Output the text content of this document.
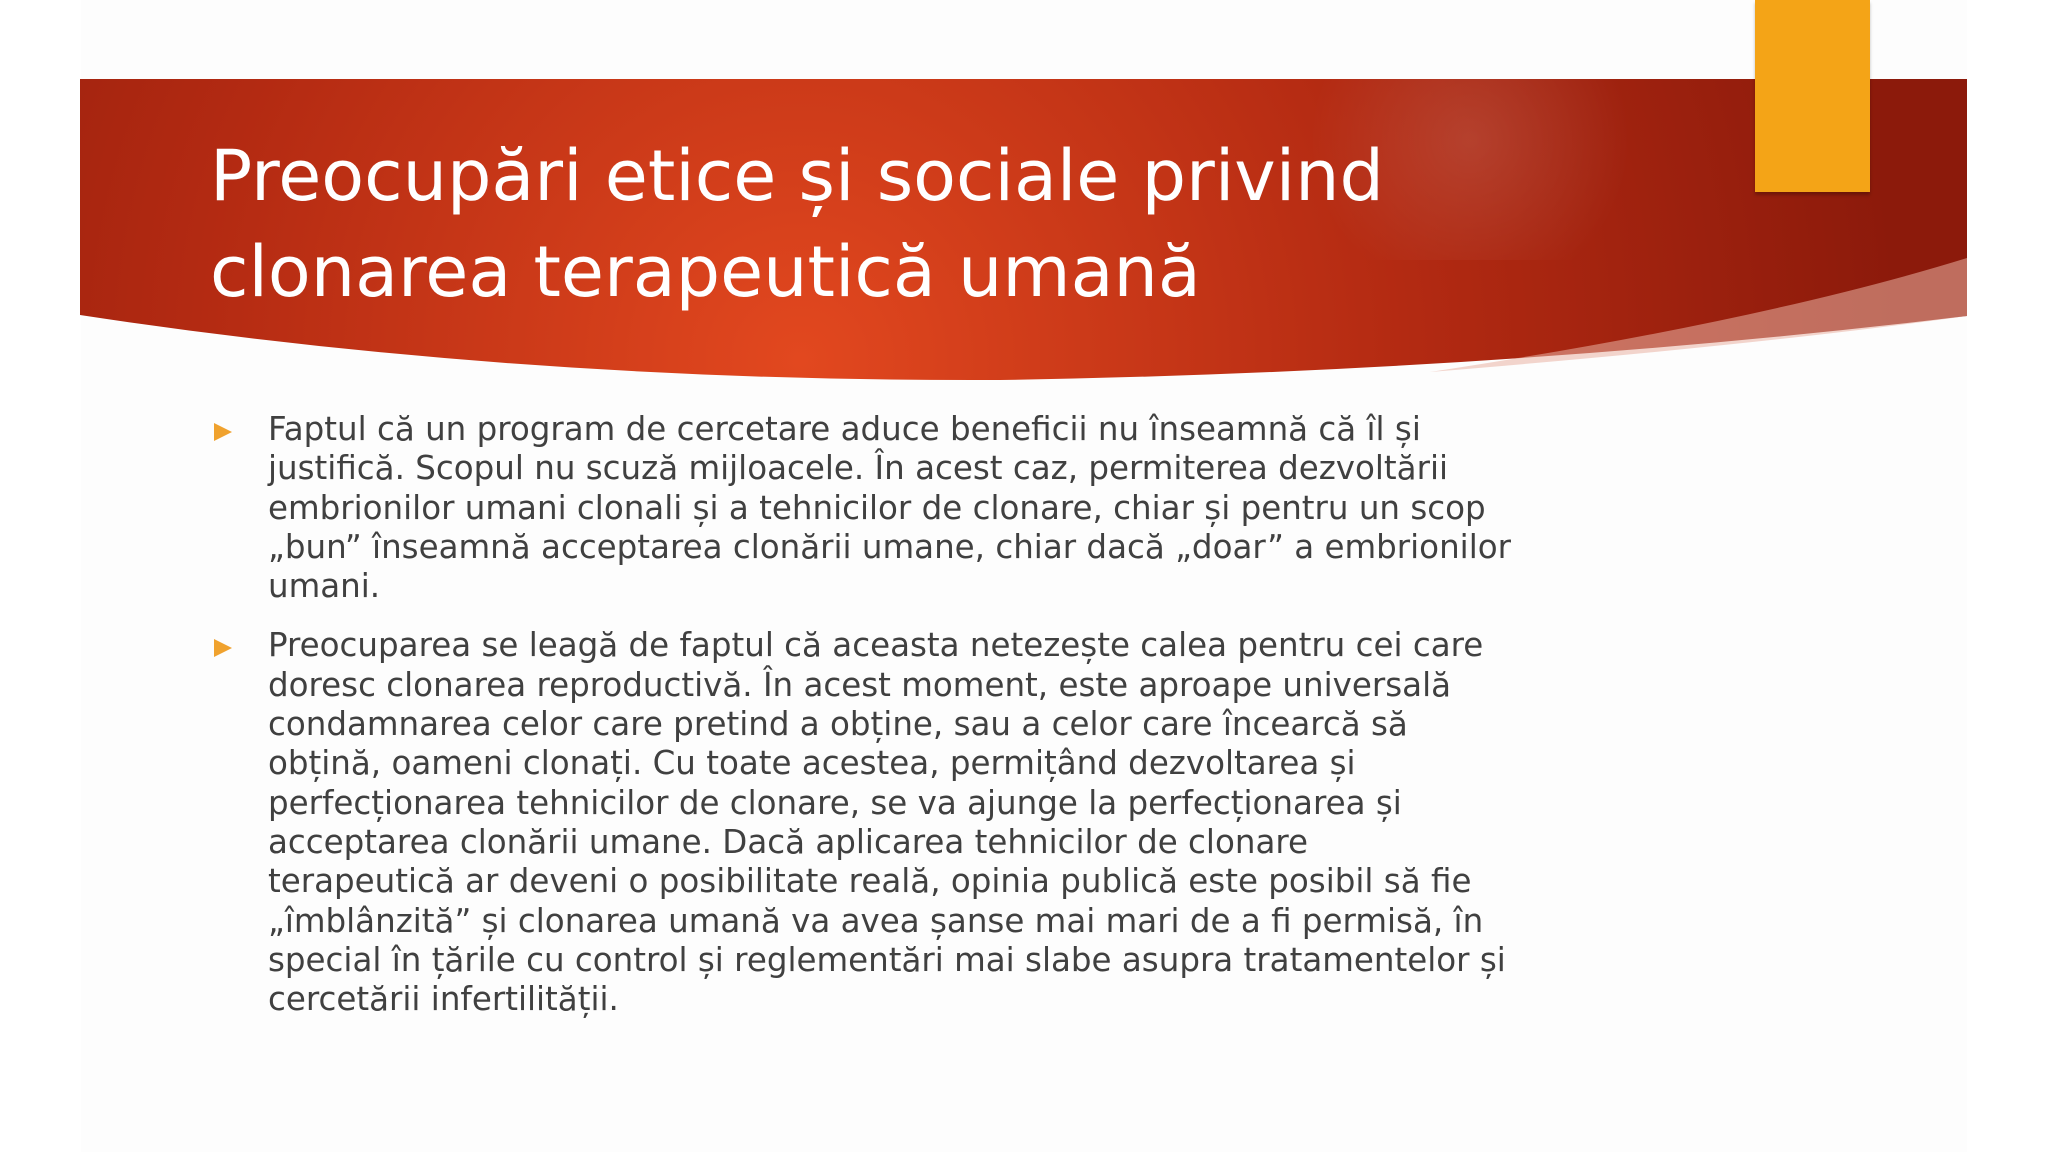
Preocupări etice și sociale privind
clonarea terapeutică umană
Faptul că un program de cercetare aduce beneficii nu înseamnă că îl și
justifică. Scopul nu scuză mijloacele. În acest caz, permiterea dezvoltării
embrionilor umani clonali și a tehnicilor de clonare, chiar și pentru un scop
„bun” înseamnă acceptarea clonării umane, chiar dacă „doar” a embrionilor
umani.
Preocuparea se leagă de faptul că aceasta netezește calea pentru cei care
doresc clonarea reproductivă. În acest moment, este aproape universală
condamnarea celor care pretind a obține, sau a celor care încearcă să
obțină, oameni clonați. Cu toate acestea, permițând dezvoltarea și
perfecționarea tehnicilor de clonare, se va ajunge la perfecționarea și
acceptarea clonării umane. Dacă aplicarea tehnicilor de clonare
terapeutică ar deveni o posibilitate reală, opinia publică este posibil să fie
„îmblânzită” și clonarea umană va avea șanse mai mari de a fi permisă, în
special în țările cu control și reglementări mai slabe asupra tratamentelor și
cercetării infertilității.
